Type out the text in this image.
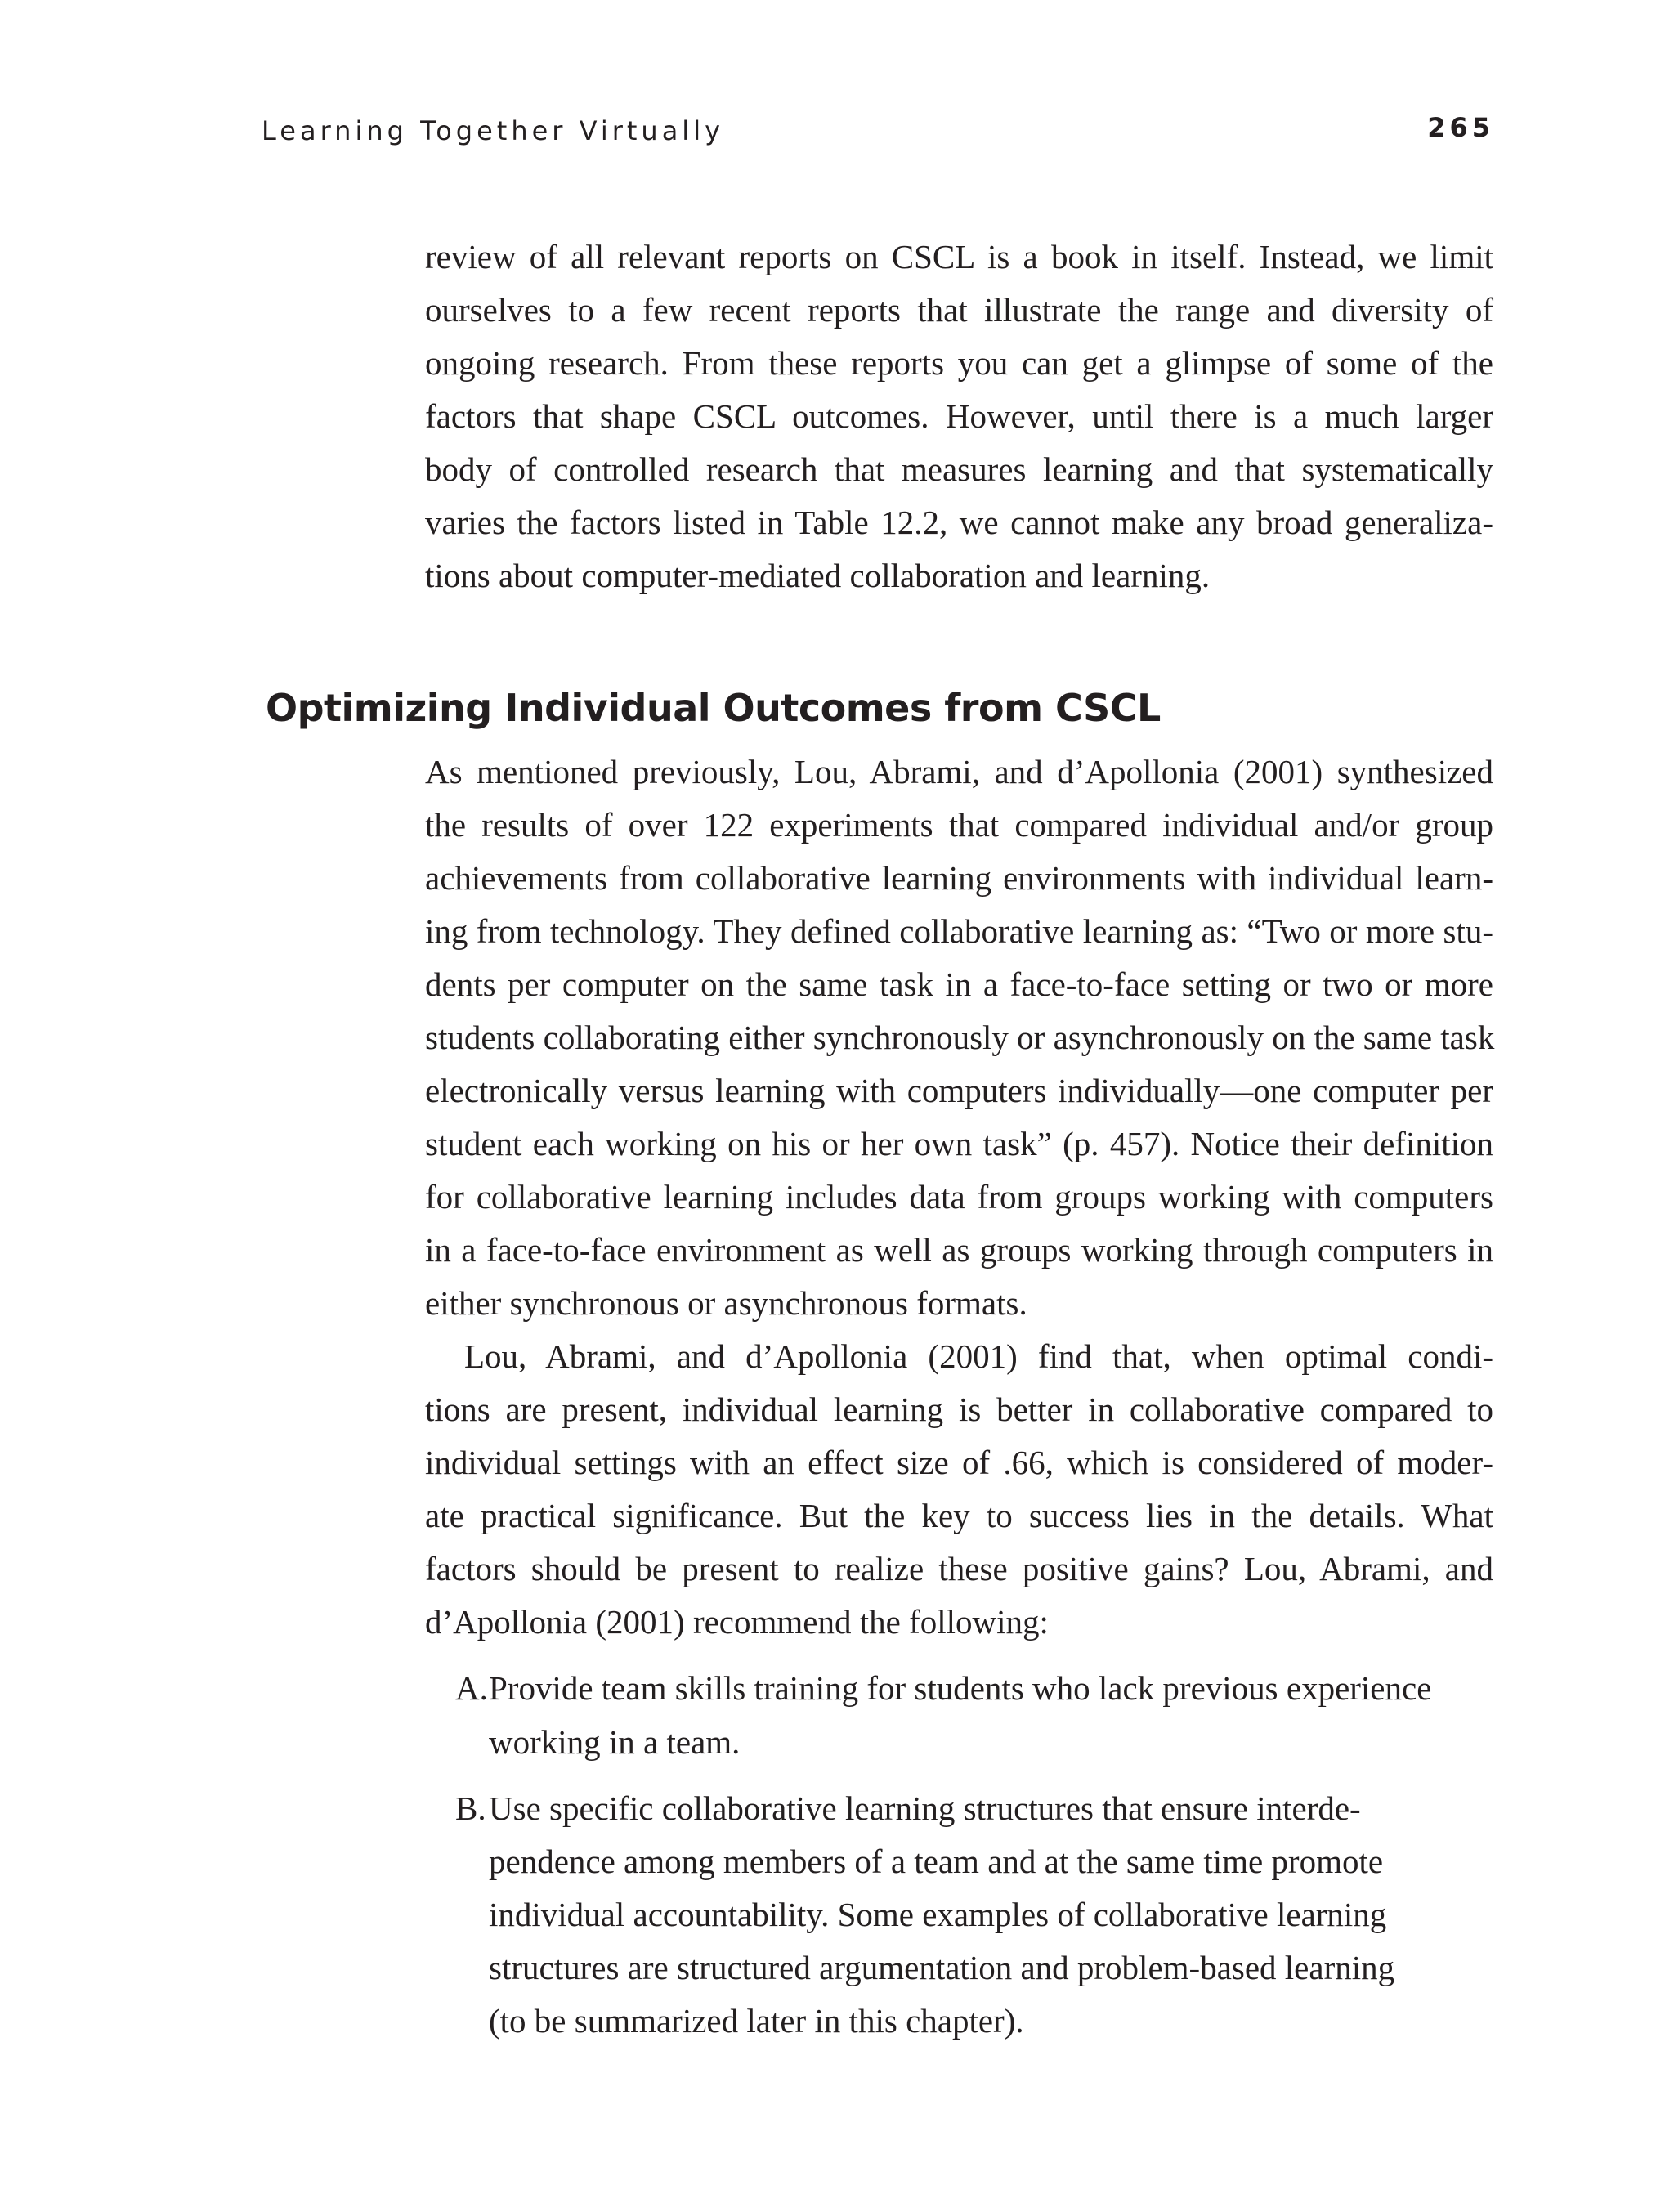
Learning Together Virtually	265
review of all relevant reports on CSCL is a book in itself. Instead, we limit
ourselves to a few recent reports that illustrate the range and diversity of
ongoing research. From these reports you can get a glimpse of some of the
factors that shape CSCL outcomes. However, until there is a much larger
body of controlled research that measures learning and that systematically
varies the factors listed in Table 12.2, we cannot make any broad generaliza-
tions about computer-mediated collaboration and learning.
Optimizing Individual Outcomes from CSCL
As mentioned previously, Lou, Abrami, and d’Apollonia (2001) synthesized
the results of over 122 experiments that compared individual and/or group
achievements from collaborative learning environments with individual learn-
ing from technology. They defined collaborative learning as: “Two or more stu-
dents per computer on the same task in a face-to-face setting or two or more
students collaborating either synchronously or asynchronously on the same task
electronically versus learning with computers individually—one computer per
student each working on his or her own task” (p. 457). Notice their definition
for collaborative learning includes data from groups working with computers
in a face-to-face environment as well as groups working through computers in
either synchronous or asynchronous formats.
Lou, Abrami, and d’Apollonia (2001) find that, when optimal condi-
tions are present, individual learning is better in collaborative compared to
individual settings with an effect size of .66, which is considered of moder-
ate practical significance. But the key to success lies in the details. What
factors should be present to realize these positive gains? Lou, Abrami, and
d’Apollonia (2001) recommend the following:
A. Provide team skills training for students who lack previous experience
working in a team.
B. Use specific collaborative learning structures that ensure interde-
pendence among members of a team and at the same time promote
individual accountability. Some examples of collaborative learning
structures are structured argumentation and problem-based learning
(to be summarized later in this chapter).
